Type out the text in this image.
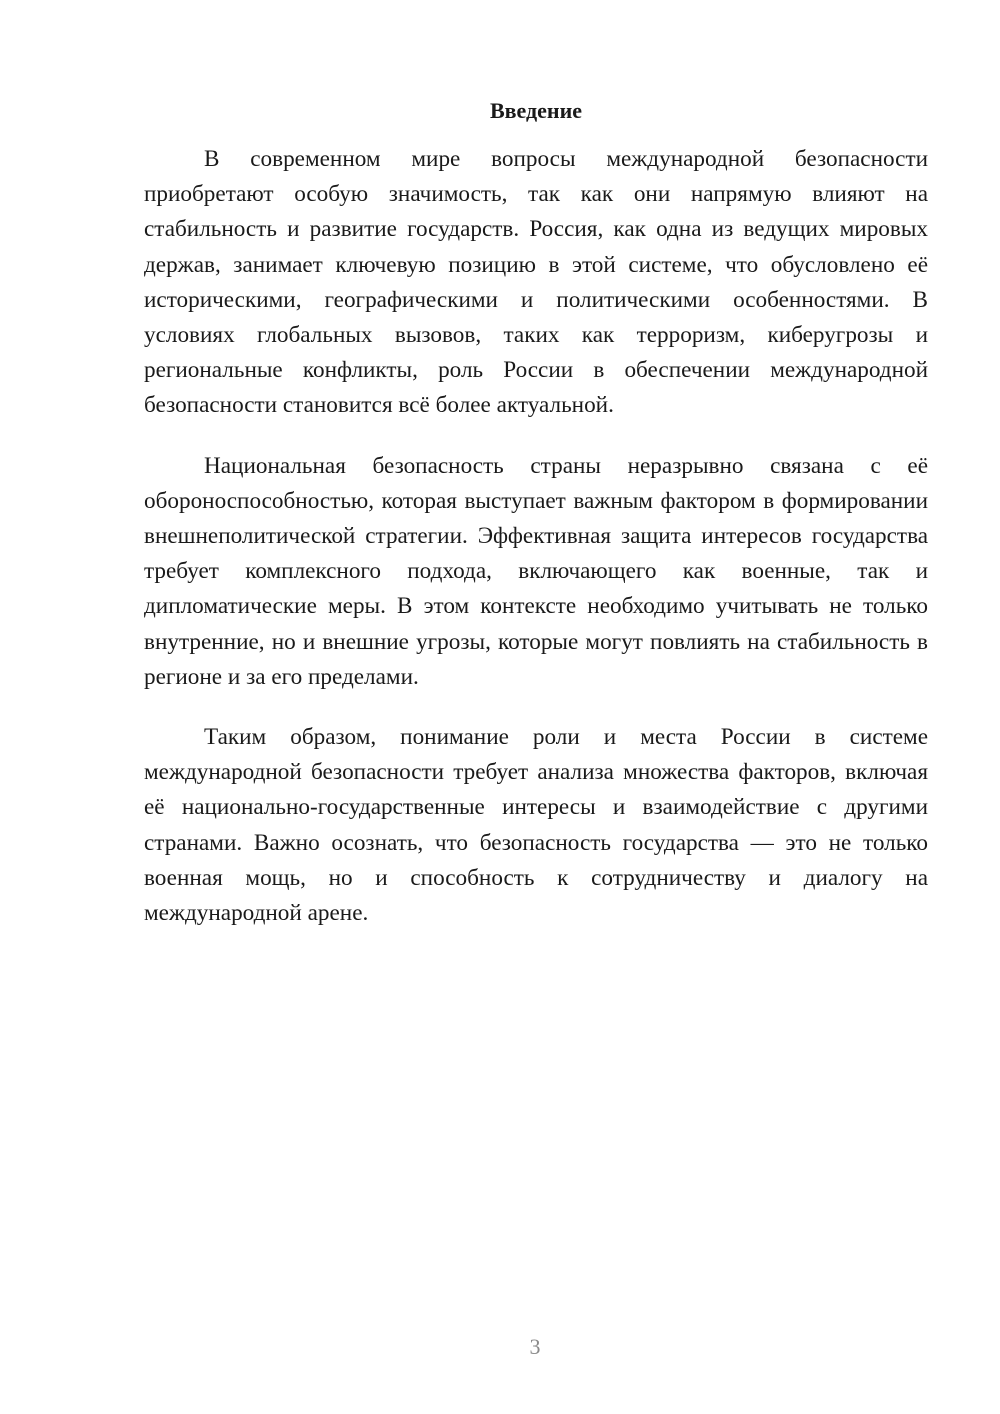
Введение

В современном мире вопросы международной безопасности приобретают особую значимость, так как они напрямую влияют на стабильность и развитие государств. Россия, как одна из ведущих мировых держав, занимает ключевую позицию в этой системе, что обусловлено её историческими, географическими и политическими особенностями. В условиях глобальных вызовов, таких как терроризм, киберугрозы и региональные конфликты, роль России в обеспечении международной безопасности становится всё более актуальной.

Национальная безопасность страны неразрывно связана с её обороноспособностью, которая выступает важным фактором в формировании внешнеполитической стратегии. Эффективная защита интересов государства требует комплексного подхода, включающего как военные, так и дипломатические меры. В этом контексте необходимо учитывать не только внутренние, но и внешние угрозы, которые могут повлиять на стабильность в регионе и за его пределами.

Таким образом, понимание роли и места России в системе международной безопасности требует анализа множества факторов, включая её национально-государственные интересы и взаимодействие с другими странами. Важно осознать, что безопасность государства — это не только военная мощь, но и способность к сотрудничеству и диалогу на международной арене.

3
